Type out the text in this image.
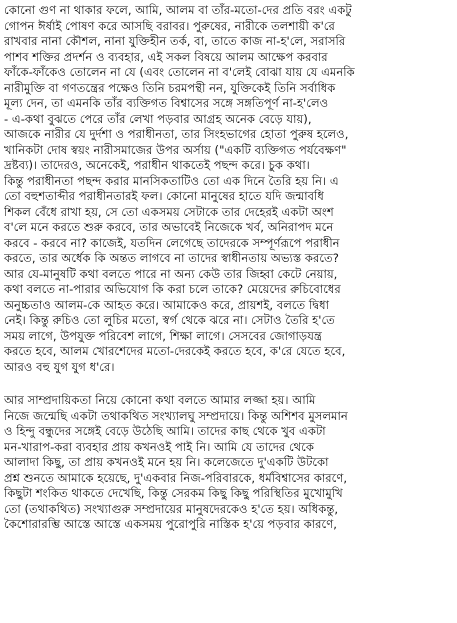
কোনো গুণ না থাকার ফলে, আমি, আলম বা তাঁর-মতো-দের প্রতি বরং একটু
গোপন ঈর্ষাই পোষণ করে আসছি বরাবর। পুরুষের, নারীকে তলশায়ী ক'রে
রাখবার নানা কৌশল, নানা যুক্তিহীন তর্ক, বা, তাতে কাজ না-হ'লে, সরাসরি
পাশব শক্তির প্রদর্শন ও ব্যবহার, এই সকল বিষয়ে আলম আক্ষেপ করবার
ফাঁকে-ফাঁকেও তোলেন না যে (এবং তোলেন না ব'লেই বোঝা যায় যে এমনকি
নারীমুক্তি বা গণতন্ত্রের পক্ষেও তিনি চরমপন্থী নন, যুক্তিকেই তিনি সর্বাধিক
মূল্য দেন, তা এমনকি তাঁর ব্যক্তিগত বিশ্বাসের সঙ্গে সঙ্গতিপূর্ণ না-হ'লেও
- এ-কথা বুঝতে পেরে তাঁর লেখা পড়বার আগ্রহ অনেক বেড়ে যায়),
আজকে নারীর যে দুর্দশা ও পরাধীনতা, তার সিংহভাগের হোতা পুরুষ হলেও,
খানিকটা দোষ স্বয়ং নারীসমাজের উপর অর্সায় ("একটি ব্যক্তিগত পর্যবেক্ষণ"
দ্রষ্টব্য)। তাদেরও, অনেকেই, পরাধীন থাকতেই পছন্দ করে। চুক কথা।
কিন্তু পরাধীনতা পছন্দ করার মানসিকতাটিও তো এক দিনে তৈরি হয় নি। এ
তো বহুশতাব্দীর পরাধীনতারই ফল। কোনো মানুষের হাতে যদি জন্মাবধি
শিকল বেঁধে রাখা হয়, সে তো একসময় সেটাকে তার দেহেরই একটা অংশ
ব'লে মনে করতে শুরু করবে, তার অভাবেই নিজেকে খর্ব, অনিরাপদ মনে
করবে - করবে না? কাজেই, যতদিন লেগেছে তাদেরকে সম্পূর্ণরূপে পরাধীন
করতে, তার অর্ধেক কি অন্তত লাগবে না তাদের স্বাধীনতায় অভ্যস্ত করতে?
আর যে-মানুষটি কথা বলতে পারে না অন্য কেউ তার জিহ্বা কেটে নেয়ায়,
কথা বলতে না-পারার অভিযোগ কি করা চলে তাকে? মেয়েদের রুচিবোধের
অনুচ্চতাও আলম-কে আহত করে। আমাকেও করে, প্রায়শই, বলতে দ্বিধা
নেই। কিন্তু রুচিও তো লুচির মতো, স্বর্গ থেকে ঝরে না। সেটাও তৈরি হ'তে
সময় লাগে, উপযুক্ত পরিবেশ লাগে, শিক্ষা লাগে। সেসবের জোগাড়যন্ত্র
করতে হবে, আলম খোরশেদের মতো-দেরকেই করতে হবে, ক'রে যেতে হবে,
আরও বহু যুগ যুগ ধ'রে।
আর সাম্প্রদায়িকতা নিয়ে কোনো কথা বলতে আমার লজ্জা হয়। আমি
নিজে জন্মেছি একটা তথাকথিত সংখ্যালঘু সম্প্রদায়ে। কিন্তু অশিশব মুসলমান
ও হিন্দু বন্ধুদের সঙ্গেই বেড়ে উঠেছি আমি। তাদের কাছ থেকে খুব একটা
মন-খারাপ-করা ব্যবহার প্রায় কখনওই পাই নি। আমি যে তাদের থেকে
আলাদা কিছু, তা প্রায় কখনওই মনে হয় নি। কলেজেতে দু'একটি উটকো
প্রশ্ন শুনতে আমাকে হয়েছে, দু'একবার নিজ-পরিবারকে, ধর্মবিশ্বাসের কারণে,
কিছুটা শংকিত থাকতে দেখেছি, কিন্তু সেরকম কিছু কিছু পরিস্থিতির মুখোমুখি
তো (তথাকথিত) সংখ্যাগুরু সম্প্রদায়ের মানুষদেরকেও হ'তে হয়। অধিকন্তু,
কৈশোরারম্ভি আস্তে আস্তে একসময় পুরোপুরি নাস্তিক হ'য়ে পড়বার কারণে,
